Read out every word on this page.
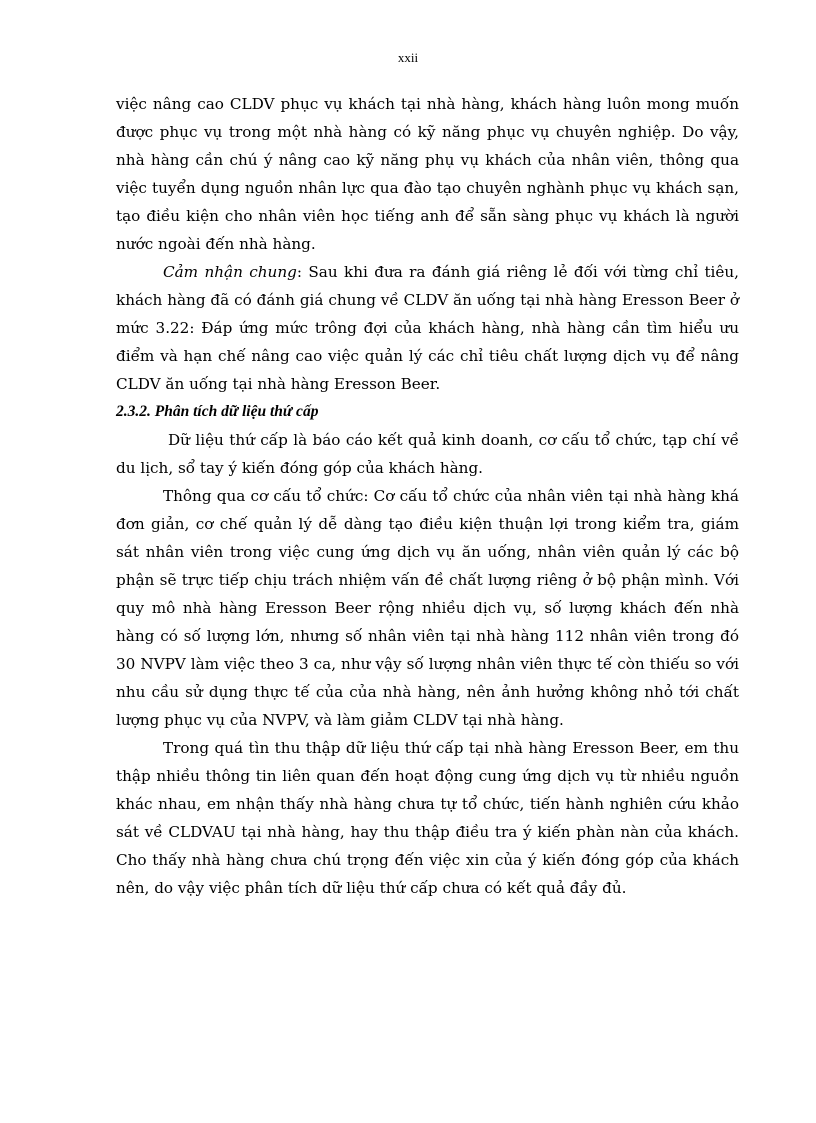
xxii

việc nâng cao CLDV phục vụ khách tại nhà hàng, khách hàng luôn mong muốn được phục vụ trong một nhà hàng có kỹ năng phục vụ chuyên nghiệp. Do vậy, nhà hàng cần chú ý nâng cao kỹ năng phụ vụ khách của nhân viên, thông qua việc tuyển dụng nguồn nhân lực qua đào tạo chuyên nghành phục vụ khách sạn, tạo điều kiện cho nhân viên học tiếng anh để sẵn sàng phục vụ khách là người nước ngoài đến nhà hàng.

Cảm nhận chung: Sau khi đưa ra đánh giá riêng lẻ đối với từng chỉ tiêu, khách hàng đã có đánh giá chung về CLDV ăn uống tại nhà hàng Eresson Beer ở mức 3.22: Đáp ứng mức trông đợi của khách hàng, nhà hàng cần tìm hiểu ưu điểm và hạn chế nâng cao việc quản lý các chỉ tiêu chất lượng dịch vụ để nâng CLDV ăn uống tại nhà hàng Eresson Beer.

2.3.2. Phân tích dữ liệu thứ cấp

Dữ liệu thứ cấp là báo cáo kết quả kinh doanh, cơ cấu tổ chức, tạp chí về du lịch, sổ tay ý kiến đóng góp của khách hàng.

Thông qua cơ cấu tổ chức: Cơ cấu tổ chức của nhân viên tại nhà hàng khá đơn giản, cơ chế quản lý dễ dàng tạo điều kiện thuận lợi trong kiểm tra, giám sát nhân viên trong việc cung ứng dịch vụ ăn uống, nhân viên quản lý các bộ phận sẽ trực tiếp chịu trách nhiệm vấn đề chất lượng riêng ở bộ phận mình. Với quy mô nhà hàng Eresson Beer rộng nhiều dịch vụ, số lượng khách đến nhà hàng có số lượng lớn, nhưng số nhân viên tại nhà hàng 112 nhân viên trong đó 30 NVPV làm việc theo 3 ca, như vậy số lượng nhân viên thực tế còn thiếu so với nhu cầu sử dụng thực tế của của nhà hàng, nên ảnh hưởng không nhỏ tới chất lượng phục vụ của NVPV, và làm giảm CLDV tại nhà hàng.

Trong quá tìn thu thập dữ liệu thứ cấp tại nhà hàng Eresson Beer, em thu thập nhiều thông tin liên quan đến hoạt động cung ứng dịch vụ từ nhiều nguồn khác nhau, em nhận thấy nhà hàng chưa tự tổ chức, tiến hành nghiên cứu khảo sát về CLDVAU tại nhà hàng, hay thu thập điều tra ý kiến phàn nàn của khách. Cho thấy nhà hàng chưa chú trọng đến việc xin của ý kiến đóng góp của khách nên, do vậy việc phân tích dữ liệu thứ cấp chưa có kết quả đầy đủ.
